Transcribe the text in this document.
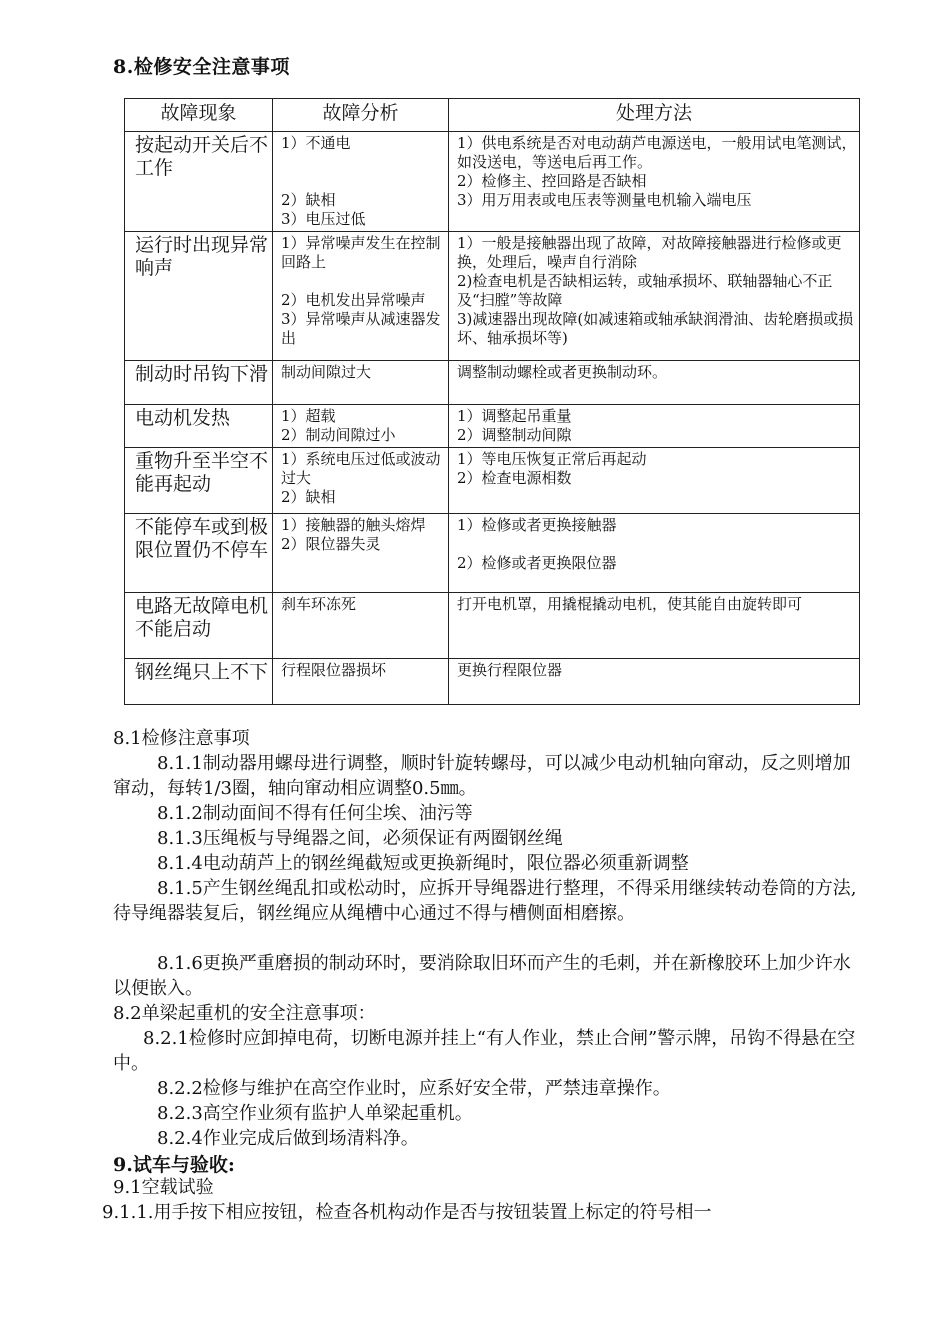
8.检修安全注意事项
故障现象	故障分析	处理方法
按起动开关后不工作	1）不通电

2）缺相
3）电压过低	1）供电系统是否对电动葫芦电源送电，一般用试电笔测试，如没送电，等送电后再工作。
2）检修主、控回路是否缺相
3）用万用表或电压表等测量电机输入端电压

运行时出现异常响声	1）异常噪声发生在控制回路上

2）电机发出异常噪声
3）异常噪声从减速器发出	1）一般是接触器出现了故障，对故障接触器进行检修或更换，处理后，噪声自行消除
2)检查电机是否缺相运转，或轴承损坏、联轴器轴心不正及“扫膛”等故障
3)减速器出现故障(如减速箱或轴承缺润滑油、齿轮磨损或损坏、轴承损坏等)

制动时吊钩下滑	制动间隙过大	调整制动螺栓或者更换制动环。

电动机发热	1）超载
2）制动间隙过小	1）调整起吊重量
2）调整制动间隙

重物升至半空不能再起动	1）系统电压过低或波动过大
2）缺相	1）等电压恢复正常后再起动
2）检查电源相数

不能停车或到极限位置仍不停车	1）接触器的触头熔焊
2）限位器失灵	1）检修或者更换接触器

2）检修或者更换限位器

电路无故障电机不能启动	刹车环冻死	打开电机罩，用撬棍撬动电机，使其能自由旋转即可

钢丝绳只上不下	行程限位器损坏	更换行程限位器
8.1检修注意事项
8.1.1制动器用螺母进行调整，顺时针旋转螺母，可以减少电动机轴向窜动，反之则增加窜动，每转1/3圈，轴向窜动相应调整0.5㎜。
8.1.2制动面间不得有任何尘埃、油污等
8.1.3压绳板与导绳器之间，必须保证有两圈钢丝绳
8.1.4电动葫芦上的钢丝绳截短或更换新绳时，限位器必须重新调整
8.1.5产生钢丝绳乱扣或松动时，应拆开导绳器进行整理，不得采用继续转动卷筒的方法,待导绳器装复后，钢丝绳应从绳槽中心通过不得与槽侧面相磨擦。
8.1.6更换严重磨损的制动环时，要消除取旧环而产生的毛刺，并在新橡胶环上加少许水以便嵌入。
8.2单梁起重机的安全注意事项：
8.2.1检修时应卸掉电荷，切断电源并挂上“有人作业，禁止合闸”警示牌，吊钩不得悬在空中。
8.2.2检修与维护在高空作业时，应系好安全带，严禁违章操作。
8.2.3高空作业须有监护人单梁起重机。
8.2.4作业完成后做到场清料净。
9.试车与验收:
9.1空载试验
9.1.1.用手按下相应按钮，检查各机构动作是否与按钮装置上标定的符号相一
